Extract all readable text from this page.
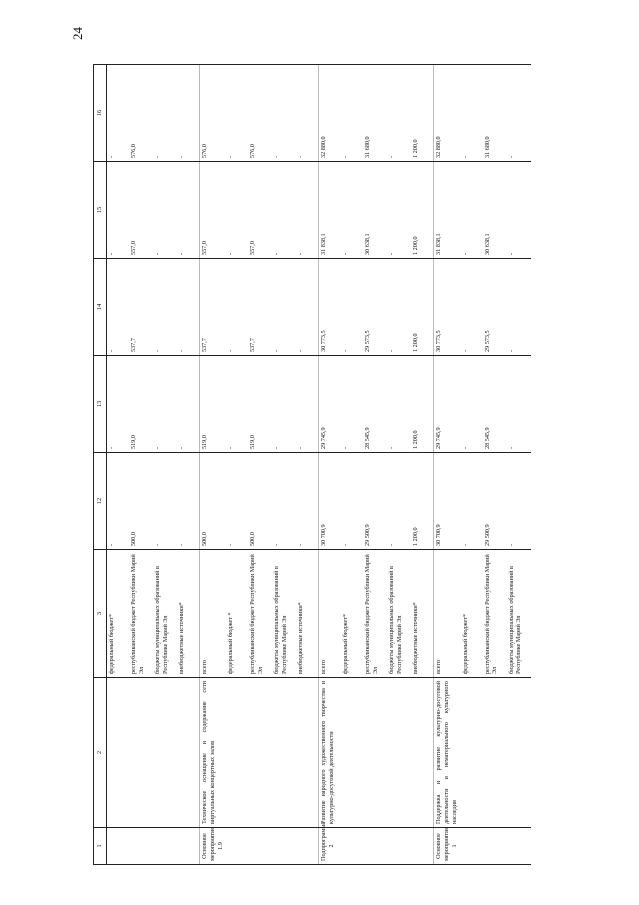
24
1	2	3	12	13	14	15	16
		федеральный бюджет*	-	-	-	-	-
		республиканский бюджет Республики Марий Эл	500,0	519,0	537,7	557,0	576,0
		бюджеты муниципальных образований в Республике Марий Эл	-	-	-	-	-
		внебюджетные источники*	-	-	-	-	-
Основное мероприятие 1.9	Техническое оснащение и содержание сети виртуальных концертных залов	всего	500,0	519,0	537,7	557,0	576,0
		федеральный бюджет *	-	-	-	-	-
		республиканский бюджет Республики Марий Эл	500,0	519,0	537,7	557,0	576,0
		бюджеты муниципальных образований в Республике Марий Эл	-	-	-	-	-
		внебюджетные источники*	-	-	-	-	-
Подпрограмма 2	Развитие народного художественного творчества и культурно-досуговой деятельности	всего	30 700,9	29 745,9	30 773,5	31 838,1	32 880,0
		федеральный бюджет*	-	-	-	-	-
		республиканский бюджет Республики Марий Эл	29 500,9	28 545,9	29 573,5	30 638,1	31 680,0
		бюджеты муниципальных образований в Республике Марий Эл	-	-	-	-	-
		внебюджетные источники*	1 200,0	1 200,0	1 200,0	1 200,0	1 200,0
Основное мероприятие 1	Поддержка и развитие культурно-досуговой деятельности и нематериального культурного наследия	всего	30 700,9	29 745,9	30 773,5	31 838,1	32 880,0
		федеральный бюджет*	-	-	-	-	-
		республиканский бюджет Республики Марий Эл	29 500,9	28 545,9	29 573,5	30 638,1	31 680,0
		бюджеты муниципальных образований в Республике Марий Эл	-	-	-	-	-
